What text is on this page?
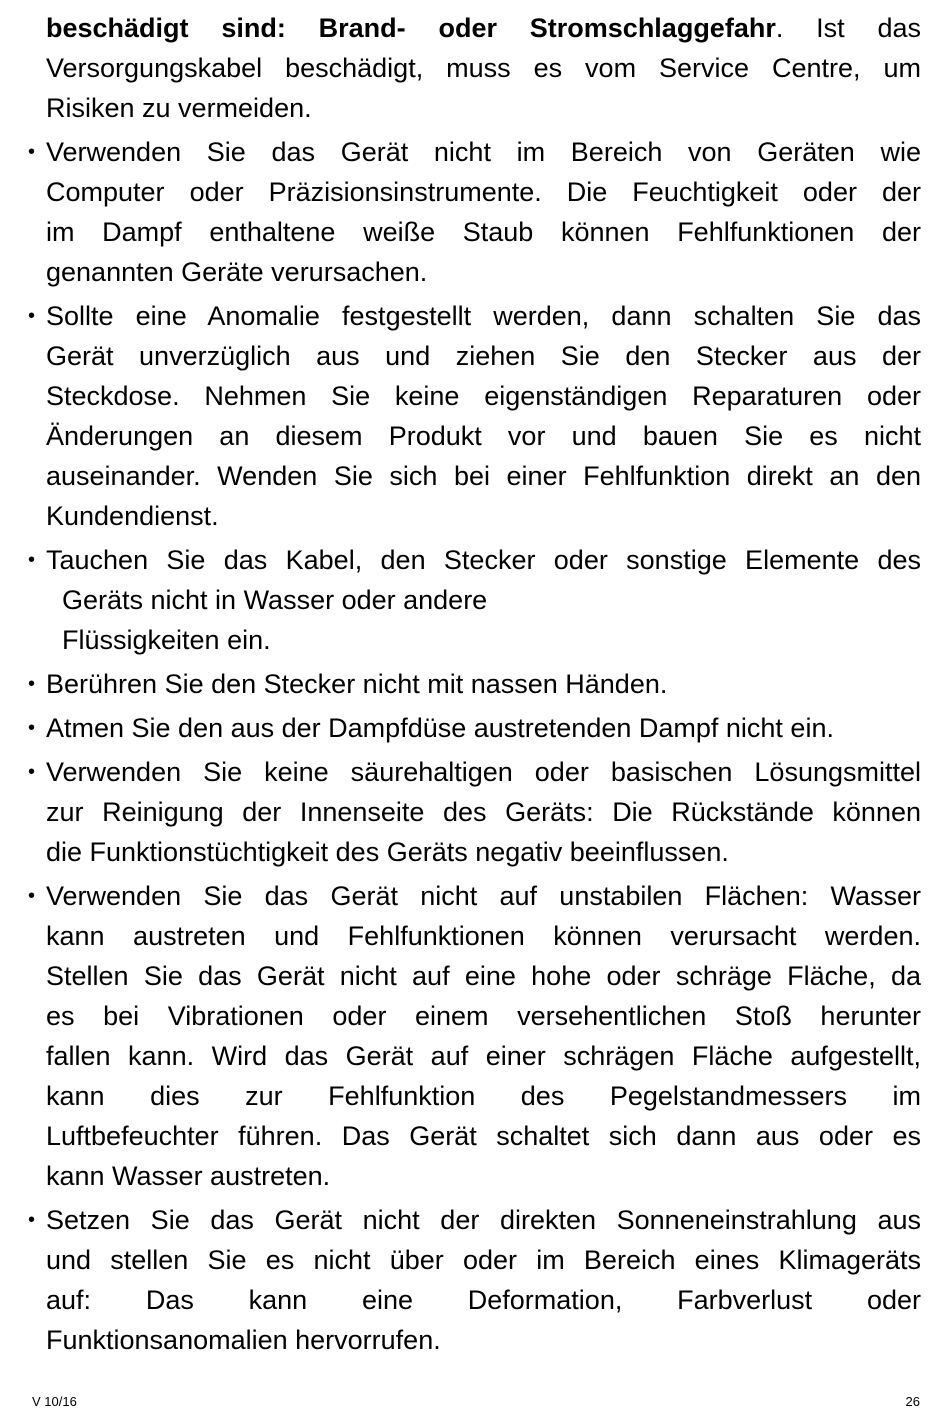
beschädigt sind: Brand- oder Stromschlaggefahr. Ist das
Versorgungskabel beschädigt, muss es vom Service Centre, um
Risiken zu vermeiden.
• Verwenden Sie das Gerät nicht im Bereich von Geräten wie
Computer oder Präzisionsinstrumente. Die Feuchtigkeit oder der
im Dampf enthaltene weiße Staub können Fehlfunktionen der
genannten Geräte verursachen.
• Sollte eine Anomalie festgestellt werden, dann schalten Sie das
Gerät unverzüglich aus und ziehen Sie den Stecker aus der
Steckdose. Nehmen Sie keine eigenständigen Reparaturen oder
Änderungen an diesem Produkt vor und bauen Sie es nicht
auseinander. Wenden Sie sich bei einer Fehlfunktion direkt an den
Kundendienst.
• Tauchen Sie das Kabel, den Stecker oder sonstige Elemente des
Geräts nicht in Wasser oder andere
Flüssigkeiten ein.
• Berühren Sie den Stecker nicht mit nassen Händen.
• Atmen Sie den aus der Dampfdüse austretenden Dampf nicht ein.
• Verwenden Sie keine säurehaltigen oder basischen Lösungsmittel
zur Reinigung der Innenseite des Geräts: Die Rückstände können
die Funktionstüchtigkeit des Geräts negativ beeinflussen.
• Verwenden Sie das Gerät nicht auf unstabilen Flächen: Wasser
kann austreten und Fehlfunktionen können verursacht werden.
Stellen Sie das Gerät nicht auf eine hohe oder schräge Fläche, da
es bei Vibrationen oder einem versehentlichen Stoß herunter
fallen kann. Wird das Gerät auf einer schrägen Fläche aufgestellt,
kann dies zur Fehlfunktion des Pegelstandmessers im
Luftbefeuchter führen. Das Gerät schaltet sich dann aus oder es
kann Wasser austreten.
• Setzen Sie das Gerät nicht der direkten Sonneneinstrahlung aus
und stellen Sie es nicht über oder im Bereich eines Klimageräts
auf: Das kann eine Deformation, Farbverlust oder
Funktionsanomalien hervorrufen.
V 10/16	26
